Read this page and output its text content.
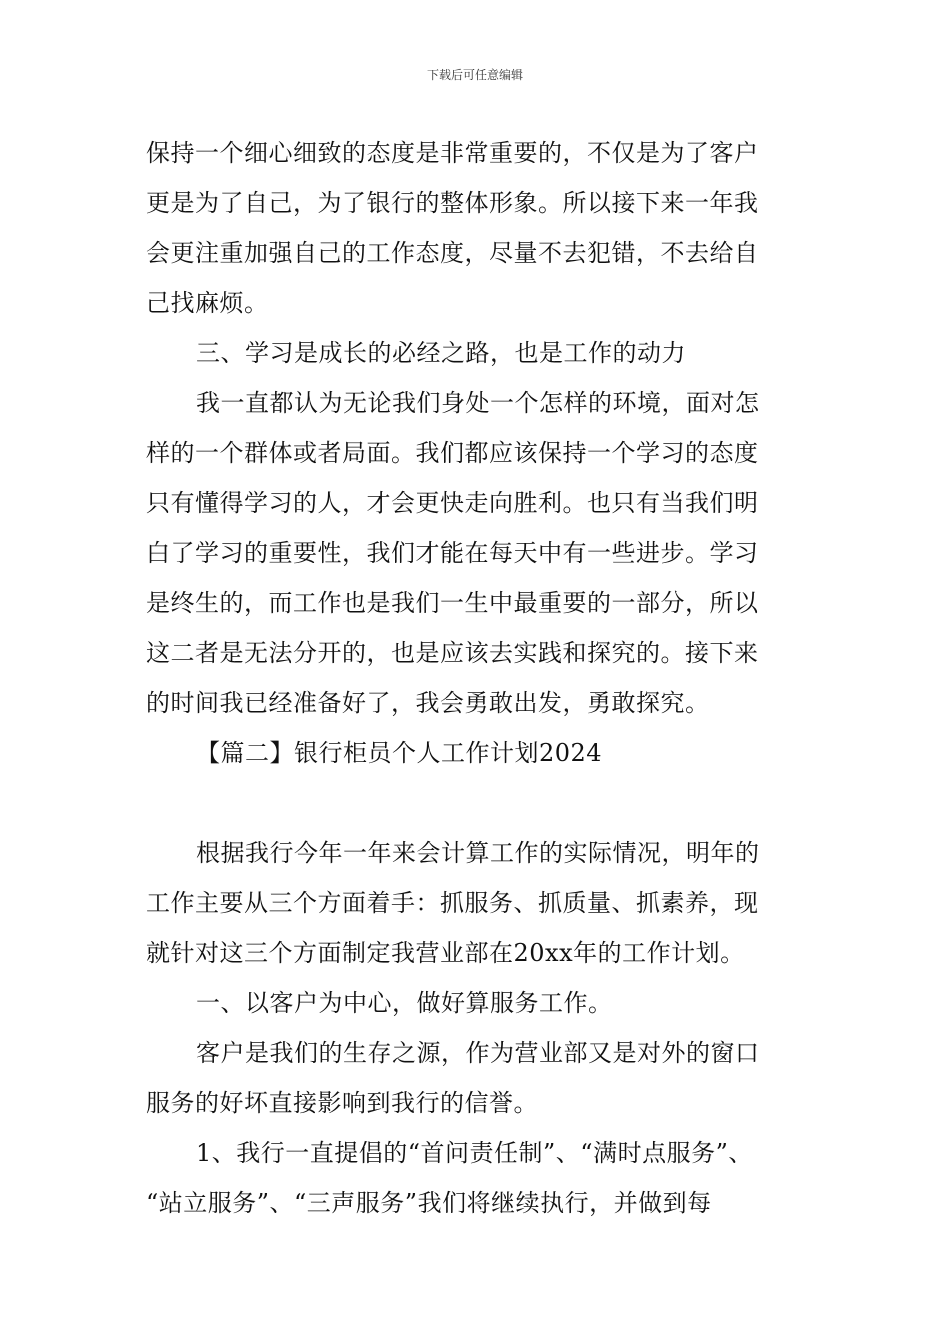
下载后可任意编辑
保持一个细心细致的态度是非常重要的，不仅是为了客户
更是为了自己，为了银行的整体形象。所以接下来一年我
会更注重加强自己的工作态度，尽量不去犯错，不去给自
己找麻烦。
三、学习是成长的必经之路，也是工作的动力
我一直都认为无论我们身处一个怎样的环境，面对怎
样的一个群体或者局面。我们都应该保持一个学习的态度
只有懂得学习的人，才会更快走向胜利。也只有当我们明
白了学习的重要性，我们才能在每天中有一些进步。学习
是终生的，而工作也是我们一生中最重要的一部分，所以
这二者是无法分开的，也是应该去实践和探究的。接下来
的时间我已经准备好了，我会勇敢出发，勇敢探究。
【篇二】银行柜员个人工作计划2024
根据我行今年一年来会计算工作的实际情况，明年的
工作主要从三个方面着手：抓服务、抓质量、抓素养，现
就针对这三个方面制定我营业部在20xx年的工作计划。
一、以客户为中心，做好算服务工作。
客户是我们的生存之源，作为营业部又是对外的窗口
服务的好坏直接影响到我行的信誉。
1、我行一直提倡的“首问责任制”、“满时点服务”、
“站立服务”、“三声服务”我们将继续执行，并做到每
